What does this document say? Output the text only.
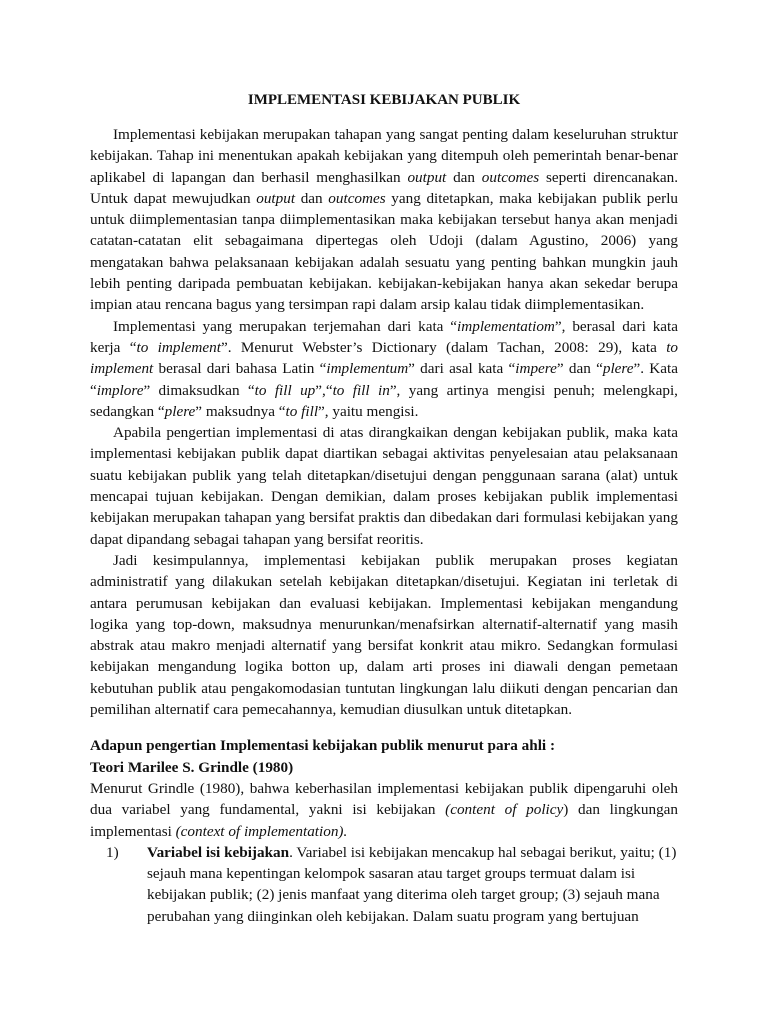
IMPLEMENTASI KEBIJAKAN PUBLIK

Implementasi kebijakan merupakan tahapan yang sangat penting dalam keseluruhan struktur kebijakan. Tahap ini menentukan apakah kebijakan yang ditempuh oleh pemerintah benar-benar aplikabel di lapangan dan berhasil menghasilkan output dan outcomes seperti direncanakan. Untuk dapat mewujudkan output dan outcomes yang ditetapkan, maka kebijakan publik perlu untuk diimplementasian tanpa diimplementasikan maka kebijakan tersebut hanya akan menjadi catatan-catatan elit sebagaimana dipertegas oleh Udoji (dalam Agustino, 2006) yang mengatakan bahwa pelaksanaan kebijakan adalah sesuatu yang penting bahkan mungkin jauh lebih penting daripada pembuatan kebijakan. kebijakan-kebijakan hanya akan sekedar berupa impian atau rencana bagus yang tersimpan rapi dalam arsip kalau tidak diimplementasikan.

Implementasi yang merupakan terjemahan dari kata “implementatiom”, berasal dari kata kerja “to implement”. Menurut Webster’s Dictionary (dalam Tachan, 2008: 29), kata to implement berasal dari bahasa Latin “implementum” dari asal kata “impere” dan “plere”. Kata “implore” dimaksudkan “to fill up”,“to fill in”, yang artinya mengisi penuh; melengkapi, sedangkan “plere” maksudnya “to fill”, yaitu mengisi.

Apabila pengertian implementasi di atas dirangkaikan dengan kebijakan publik, maka kata implementasi kebijakan publik dapat diartikan sebagai aktivitas penyelesaian atau pelaksanaan suatu kebijakan publik yang telah ditetapkan/disetujui dengan penggunaan sarana (alat) untuk mencapai tujuan kebijakan. Dengan demikian, dalam proses kebijakan publik implementasi kebijakan merupakan tahapan yang bersifat praktis dan dibedakan dari formulasi kebijakan yang dapat dipandang sebagai tahapan yang bersifat reoritis.

Jadi kesimpulannya, implementasi kebijakan publik merupakan proses kegiatan administratif yang dilakukan setelah kebijakan ditetapkan/disetujui. Kegiatan ini terletak di antara perumusan kebijakan dan evaluasi kebijakan. Implementasi kebijakan mengandung logika yang top-down, maksudnya menurunkan/menafsirkan alternatif-alternatif yang masih abstrak atau makro menjadi alternatif yang bersifat konkrit atau mikro. Sedangkan formulasi kebijakan mengandung logika botton up, dalam arti proses ini diawali dengan pemetaan kebutuhan publik atau pengakomodasian tuntutan lingkungan lalu diikuti dengan pencarian dan pemilihan alternatif cara pemecahannya, kemudian diusulkan untuk ditetapkan.

Adapun pengertian Implementasi kebijakan publik menurut para ahli :

Teori Marilee S. Grindle (1980)

Menurut Grindle (1980), bahwa keberhasilan implementasi kebijakan publik dipengaruhi oleh dua variabel yang fundamental, yakni isi kebijakan (content of policy) dan lingkungan implementasi (context of implementation).

1)	Variabel isi kebijakan. Variabel isi kebijakan mencakup hal sebagai berikut, yaitu; (1) sejauh mana kepentingan kelompok sasaran atau target groups termuat dalam isi kebijakan publik; (2) jenis manfaat yang diterima oleh target group; (3) sejauh mana perubahan yang diinginkan oleh kebijakan. Dalam suatu program yang bertujuan
